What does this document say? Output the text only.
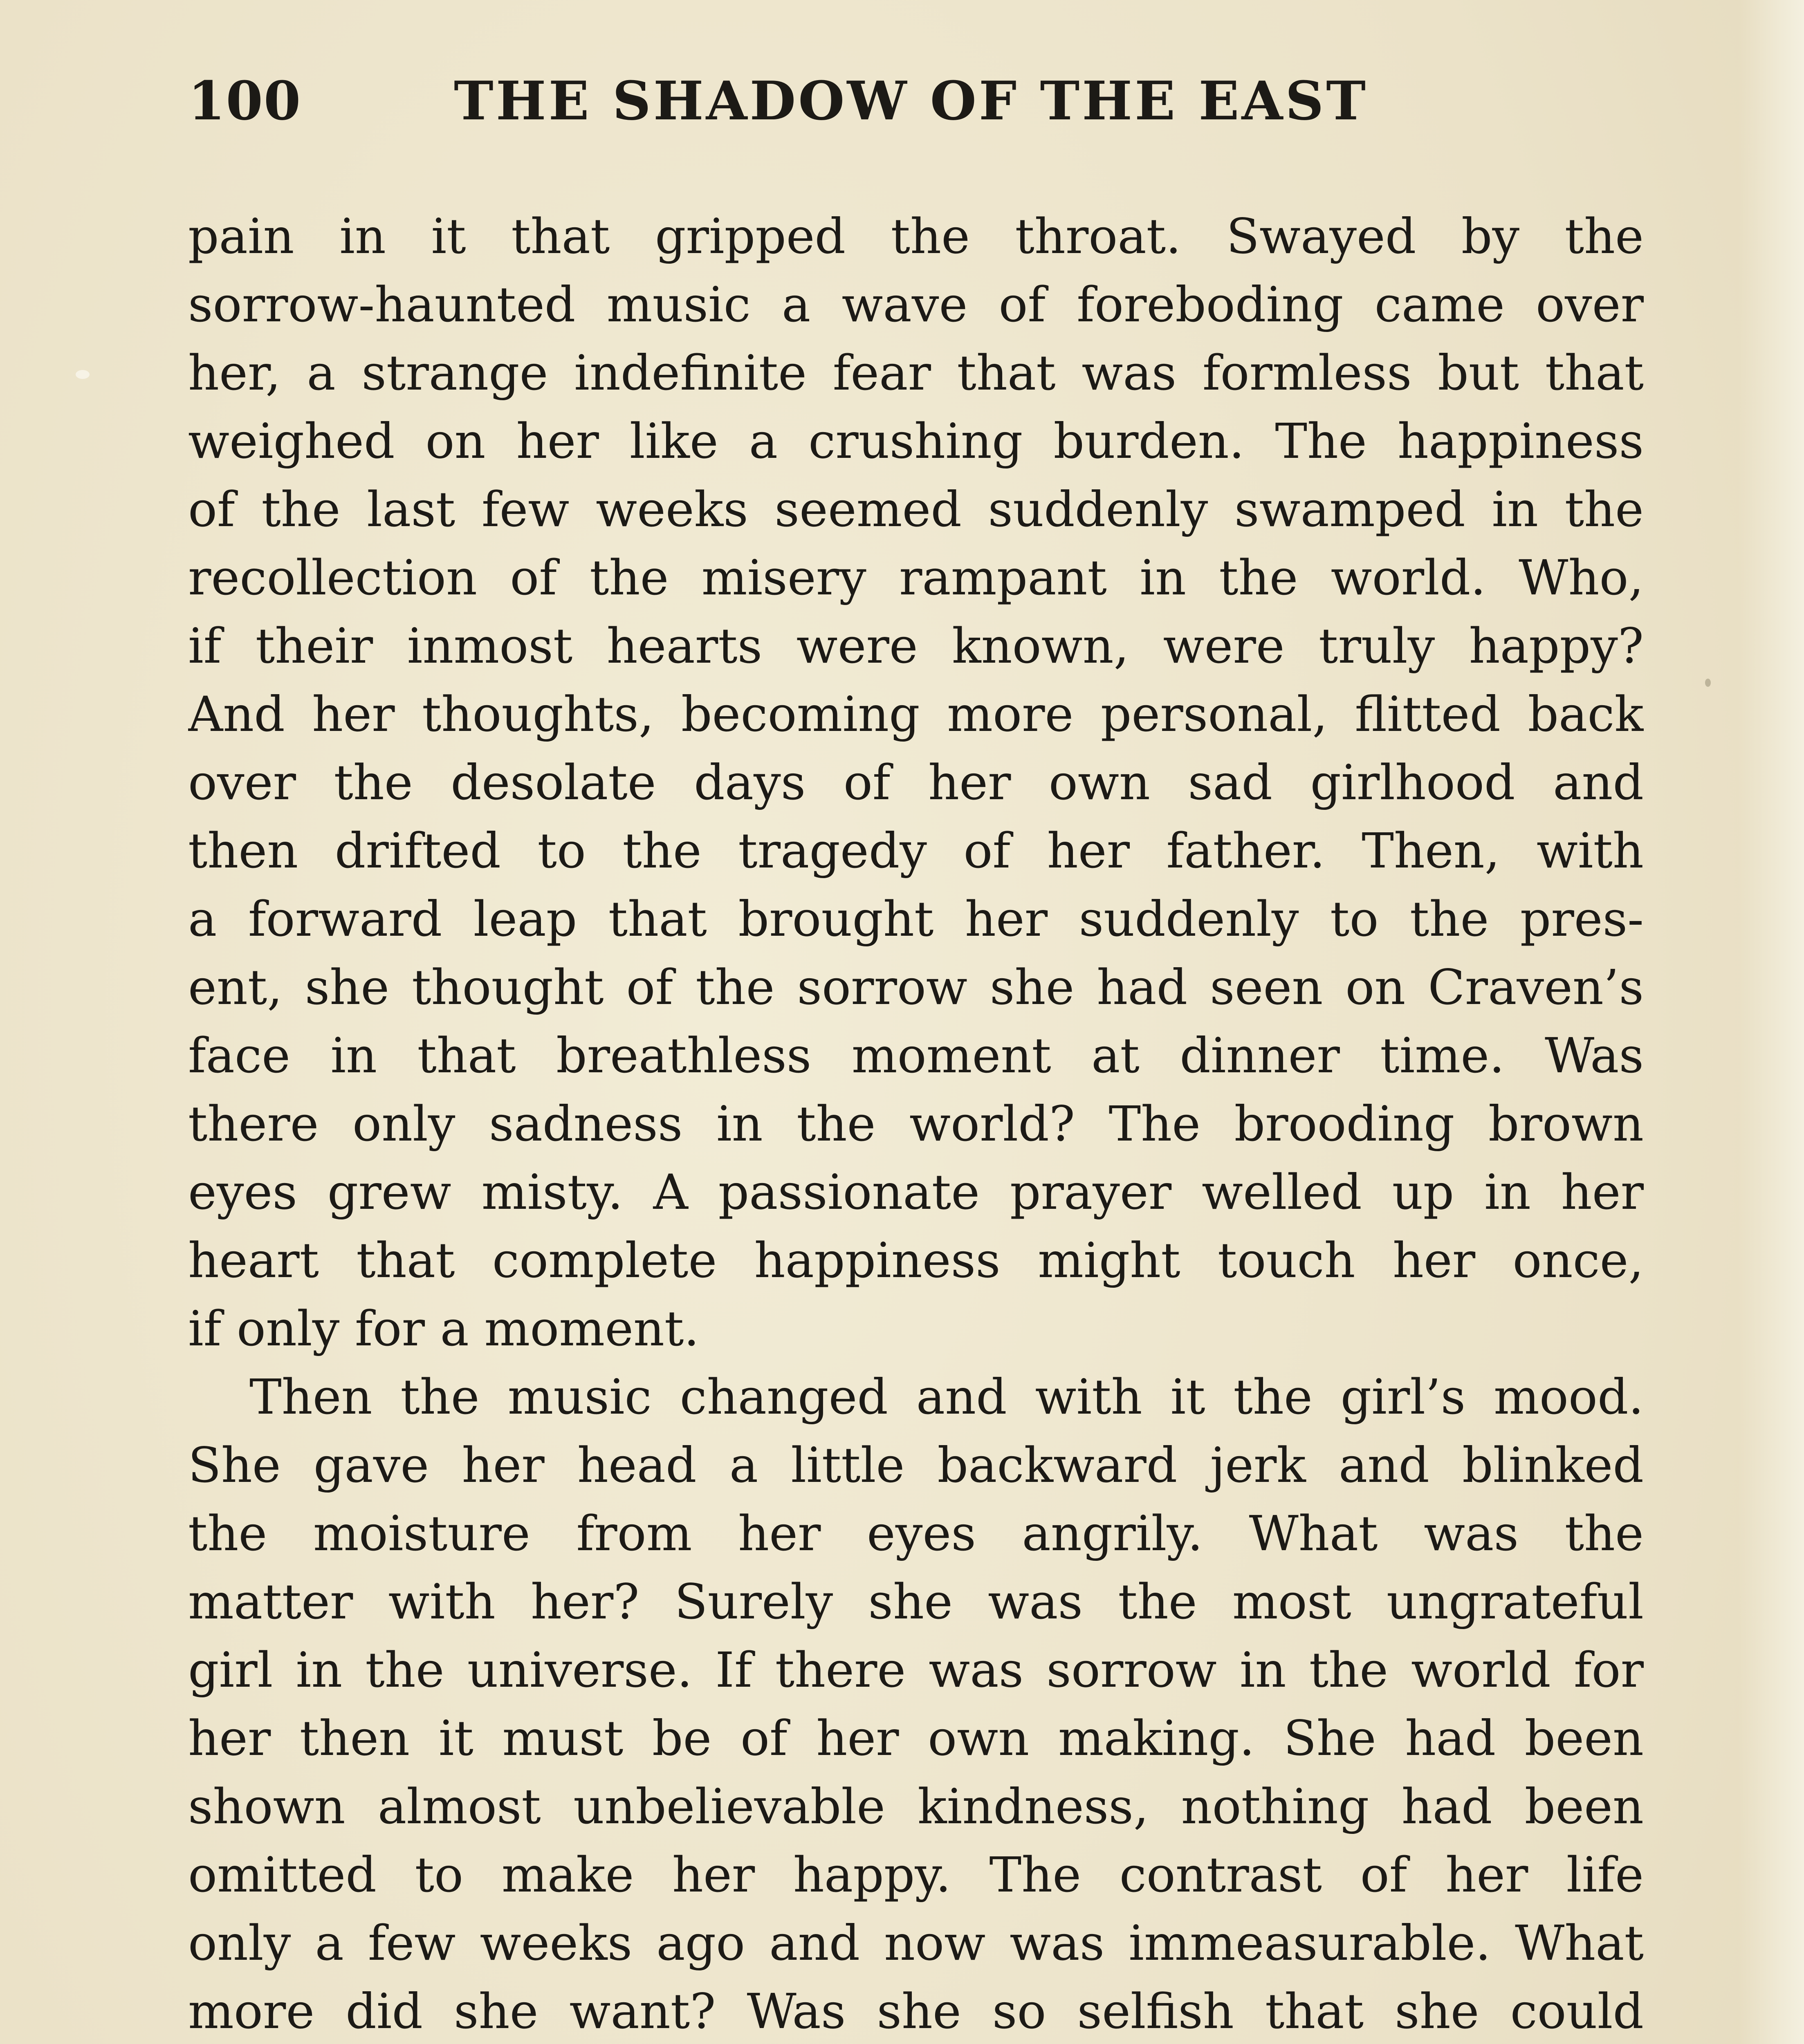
100	THE SHADOW OF THE EAST
pain in it that gripped the throat. Swayed by the
sorrow-haunted music a wave of foreboding came over
her, a strange indefinite fear that was formless but that
weighed on her like a crushing burden. The happiness
of the last few weeks seemed suddenly swamped in the
recollection of the misery rampant in the world. Who,
if their inmost hearts were known, were truly happy?
And her thoughts, becoming more personal, flitted back
over the desolate days of her own sad girlhood and
then drifted to the tragedy of her father. Then, with
a forward leap that brought her suddenly to the pres-
ent, she thought of the sorrow she had seen on Craven’s
face in that breathless moment at dinner time. Was
there only sadness in the world? The brooding brown
eyes grew misty. A passionate prayer welled up in her
heart that complete happiness might touch her once,
if only for a moment.
Then the music changed and with it the girl’s mood.
She gave her head a little backward jerk and blinked
the moisture from her eyes angrily. What was the
matter with her? Surely she was the most ungrateful
girl in the universe. If there was sorrow in the world for
her then it must be of her own making. She had been
shown almost unbelievable kindness, nothing had been
omitted to make her happy. The contrast of her life
only a few weeks ago and now was immeasurable. What
more did she want? Was she so selfish that she could
